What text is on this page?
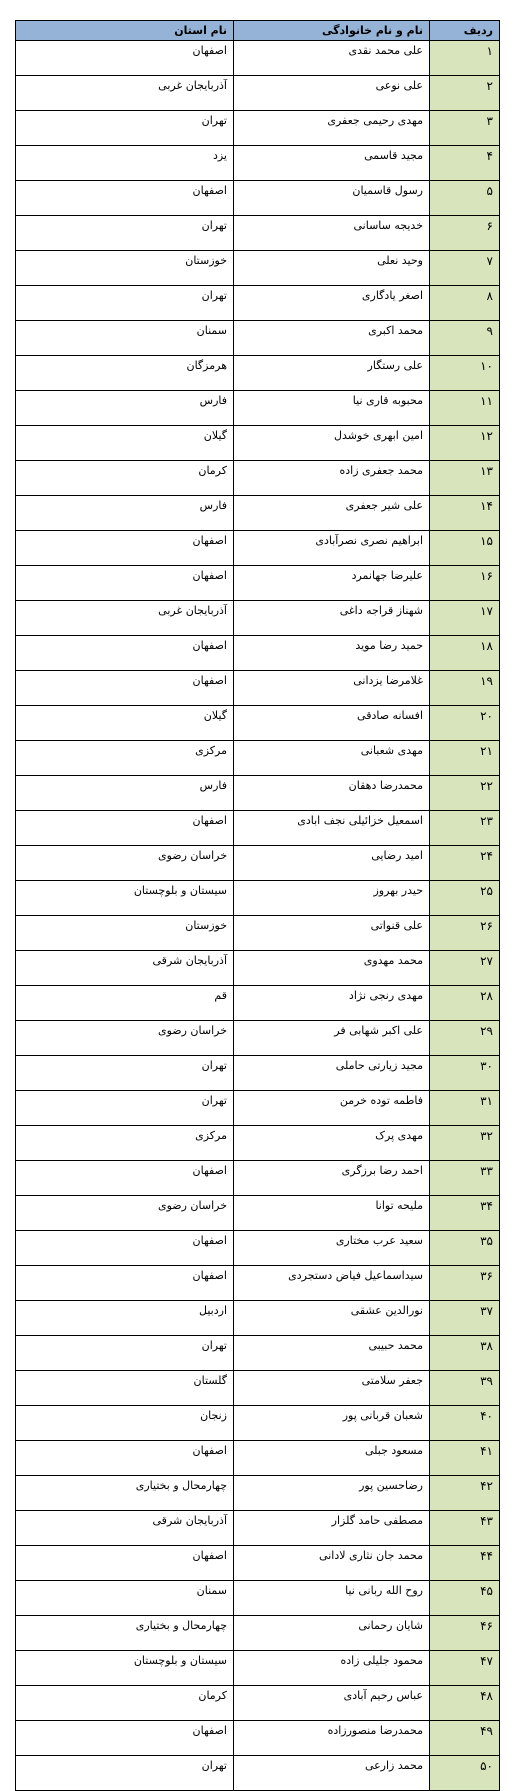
ردیف	نام و نام خانوادگی	نام استان
۱	علی محمد نقدی	اصفهان
۲	علی نوعی	آذربایجان غربی
۳	مهدی رحیمی جعفری	تهران
۴	مجید قاسمی	یزد
۵	رسول قاسمیان	اصفهان
۶	خدیجه ساسانی	تهران
۷	وحید نعلی	خوزستان
۸	اصغر یادگاری	تهران
۹	محمد اکبری	سمنان
۱۰	علی رستگار	هرمزگان
۱۱	محبوبه قاری نیا	فارس
۱۲	امین ابهری خوشدل	گیلان
۱۳	محمد جعفری زاده	کرمان
۱۴	علی شیر جعفری	فارس
۱۵	ابراهیم نصری نصرآبادی	اصفهان
۱۶	علیرضا جهانمرد	اصفهان
۱۷	شهناز قراجه داغی	آذربایجان غربی
۱۸	حمید رضا موید	اصفهان
۱۹	غلامرضا یزدانی	اصفهان
۲۰	افسانه صادقی	گیلان
۲۱	مهدی شعبانی	مرکزی
۲۲	محمدرضا دهقان	فارس
۲۳	اسمعیل خزائیلی نجف ابادی	اصفهان
۲۴	امید رضایی	خراسان رضوی
۲۵	حیدر بهروز	سیستان و بلوچستان
۲۶	علی قنواتی	خوزستان
۲۷	محمد مهدوی	آذربایجان شرقی
۲۸	مهدی رنجی نژاد	قم
۲۹	علی اکبر شهابی فر	خراسان رضوی
۳۰	مجید زیارتی حاملی	تهران
۳۱	فاطمه توده خرمن	تهران
۳۲	مهدی پرک	مرکزی
۳۳	احمد رضا برزگری	اصفهان
۳۴	ملیحه توانا	خراسان رضوی
۳۵	سعید عرب مختاری	اصفهان
۳۶	سیداسماعیل فیاض دستجردی	اصفهان
۳۷	نورالدین عشقی	اردبیل
۳۸	محمد حبیبی	تهران
۳۹	جعفر سلامتی	گلستان
۴۰	شعبان قربانی پور	زنجان
۴۱	مسعود جبلی	اصفهان
۴۲	رضاحسین پور	چهارمحال و بختیاری
۴۳	مصطفی حامد گلزار	آذربایجان شرقی
۴۴	محمد جان نثاری لادانی	اصفهان
۴۵	روح الله ربانی نیا	سمنان
۴۶	شایان رحمانی	چهارمحال و بختیاری
۴۷	محمود جلیلی زاده	سیستان و بلوچستان
۴۸	عباس رحیم آبادی	کرمان
۴۹	محمدرضا منصورزاده	اصفهان
۵۰	محمد زارعی	تهران
